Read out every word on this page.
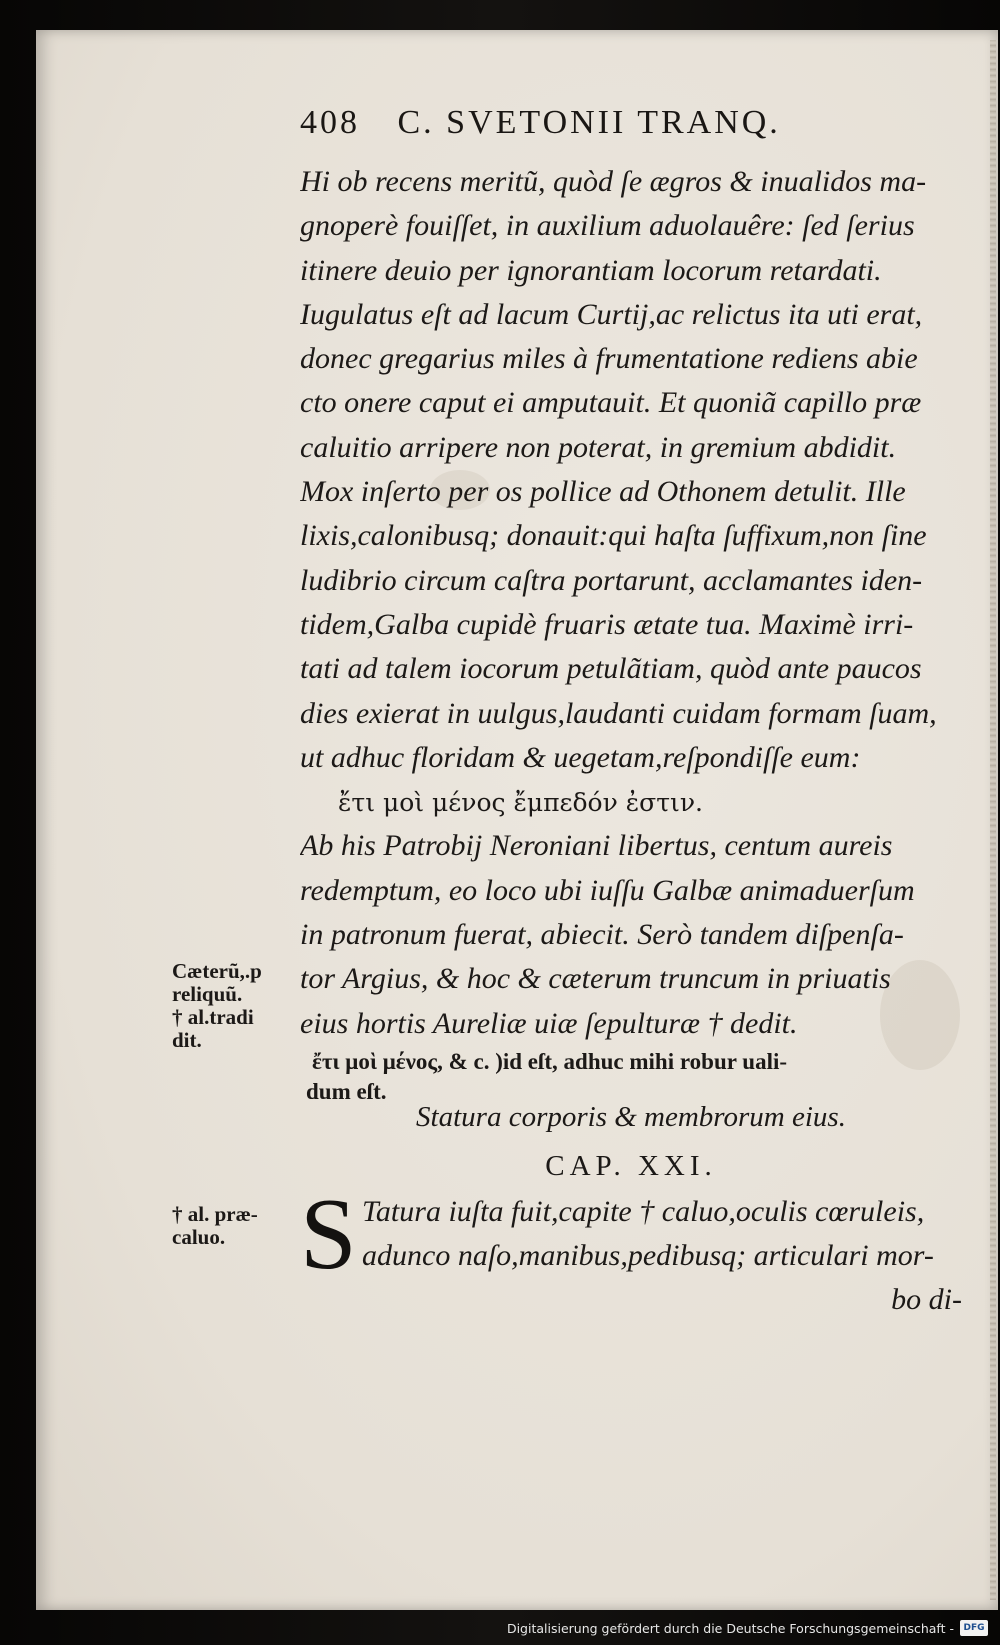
408 C. SVETONII TRANQ.
Hi ob recens meritũ, quòd ſe ægros & inualidos ma-
gnoperè fouiſſet, in auxilium aduolauêre: ſed ſerius
itinere deuio per ignorantiam locorum retardati.
Iugulatus eſt ad lacum Curtij,ac relictus ita uti erat,
donec gregarius miles à frumentatione rediens abie
cto onere caput ei amputauit. Et quoniã capillo præ
caluitio arripere non poterat, in gremium abdidit.
Mox inſerto per os pollice ad Othonem detulit. Ille
lixis,calonibusq; donauit:qui haſta ſuffixum,non ſine
ludibrio circum caſtra portarunt, acclamantes iden-
tidem,Galba cupidè fruaris ætate tua. Maximè irri-
tati ad talem iocorum petulãtiam, quòd ante paucos
dies exierat in uulgus,laudanti cuidam formam ſuam,
ut adhuc floridam & uegetam,reſpondiſſe eum:
ἔτι μοὶ μένος ἔμπεδόν ἐστιν.
Ab his Patrobij Neroniani libertus, centum aureis
redemptum, eo loco ubi iuſſu Galbæ animaduerſum
in patronum fuerat, abiecit. Serò tandem diſpenſa-
tor Argius, & hoc & cæterum truncum in priuatis
eius hortis Aureliæ uiæ ſepulturæ † dedit.
ἔτι μοὶ μένος, & c. )id eſt, adhuc mihi robur uali-
dum eſt.
Statura corporis & membrorum eius.
CAP. XXI.
S Tatura iuſta fuit,capite † caluo,oculis cœruleis,
adunco naſo,manibus,pedibusq; articulari mor-
bo di-
Cæterũ,.p
reliquũ.
† al.tradi
dit.
† al. præ-
caluo.
Digitalisierung gefördert durch die Deutsche Forschungsgemeinschaft -	DFG
